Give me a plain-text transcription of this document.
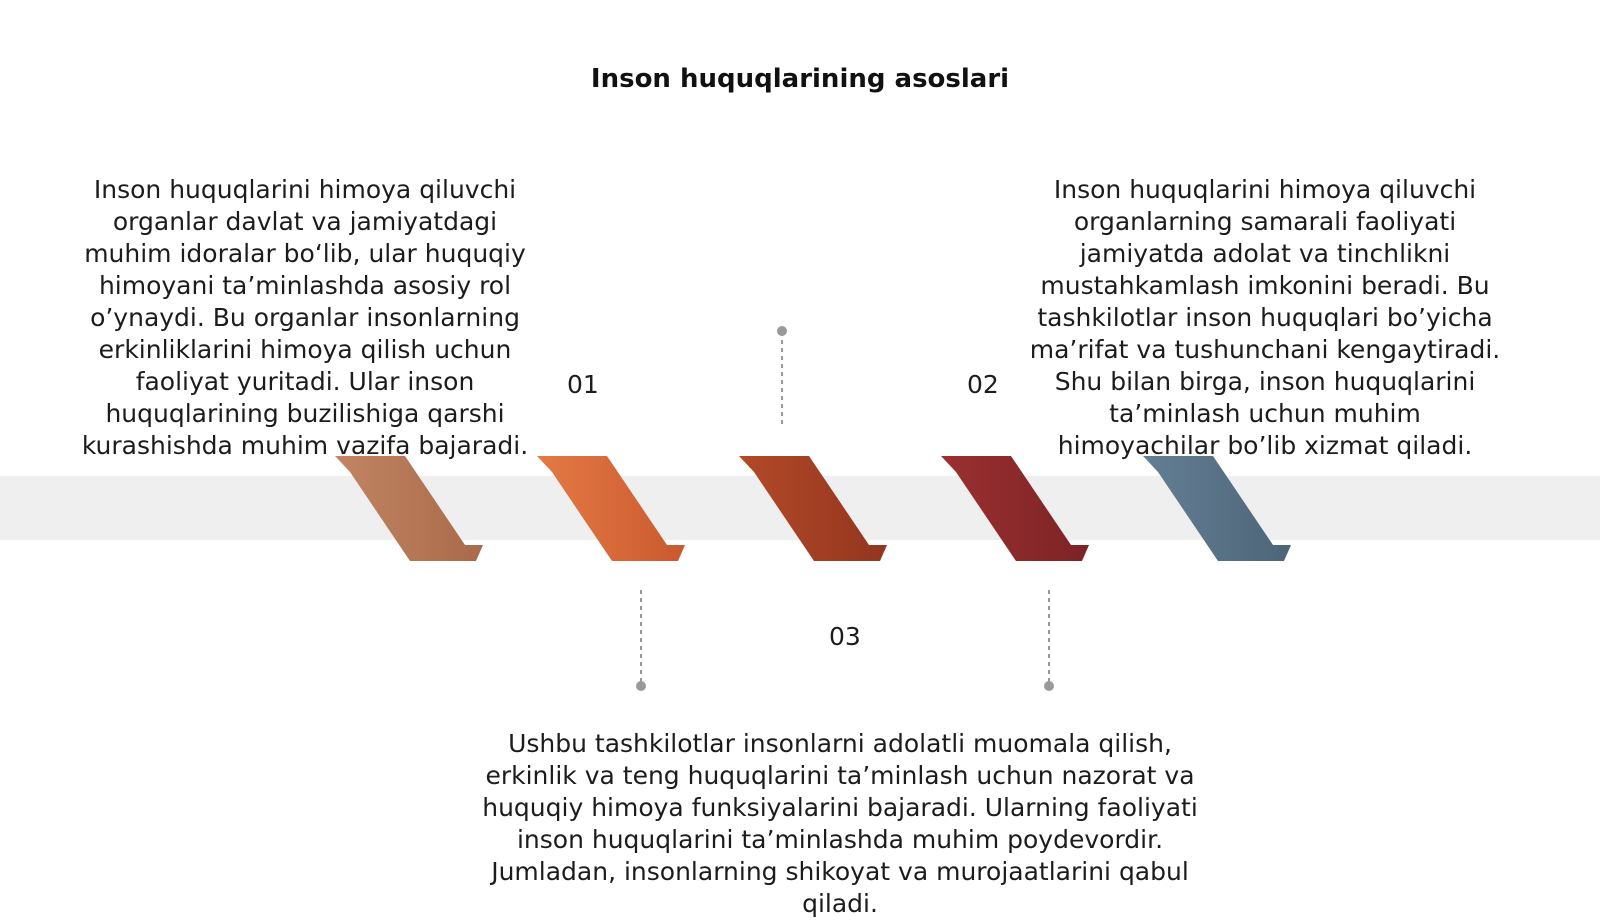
Inson huquqlarining asoslari
Inson huquqlarini himoya qiluvchi organlar davlat va jamiyatdagi muhim idoralar bo‘lib, ular huquqiy himoyani ta’minlashda asosiy rol o’ynaydi. Bu organlar insonlarning erkinliklarini himoya qilish uchun faoliyat yuritadi. Ular inson huquqlarining buzilishiga qarshi kurashishda muhim vazifa bajaradi.
Inson huquqlarini himoya qiluvchi organlarning samarali faoliyati jamiyatda adolat va tinchlikni mustahkamlash imkonini beradi. Bu tashkilotlar inson huquqlari bo’yicha ma’rifat va tushunchani kengaytiradi. Shu bilan birga, inson huquqlarini ta’minlash uchun muhim himoyachilar bo’lib xizmat qiladi.
Ushbu tashkilotlar insonlarni adolatli muomala qilish, erkinlik va teng huquqlarini ta’minlash uchun nazorat va huquqiy himoya funksiyalarini bajaradi. Ularning faoliyati inson huquqlarini ta’minlashda muhim poydevordir. Jumladan, insonlarning shikoyat va murojaatlarini qabul qiladi.
01	02
03
